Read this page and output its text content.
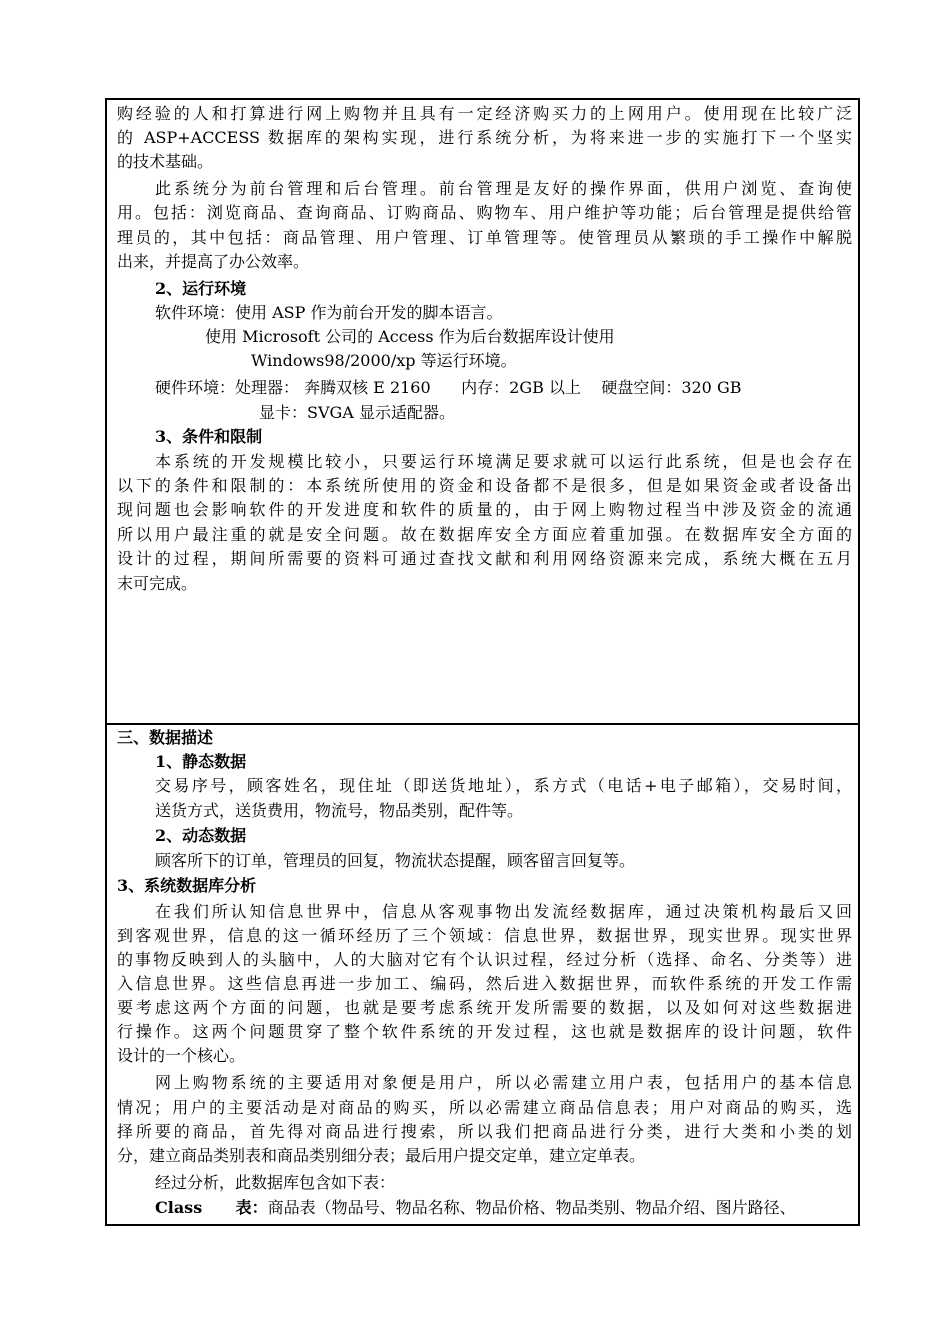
购经验的人和打算进行网上购物并且具有一定经济购买力的上网用户。使用现在比较广泛
的 ASP+ACCESS 数据库的架构实现，进行系统分析，为将来进一步的实施打下一个坚实
的技术基础。
此系统分为前台管理和后台管理。前台管理是友好的操作界面，供用户浏览、查询使
用。包括：浏览商品、查询商品、订购商品、购物车、用户维护等功能；后台管理是提供给管
理员的，其中包括：商品管理、用户管理、订单管理等。使管理员从繁琐的手工操作中解脱
出来，并提高了办公效率。
2、运行环境
软件环境：使用 ASP 作为前台开发的脚本语言。
使用 Microsoft 公司的 Access 作为后台数据库设计使用
Windows98/2000/xp 等运行环境。
硬件环境：处理器： 奔腾双核 E 2160      内存：2GB 以上    硬盘空间：320 GB
显卡：SVGA 显示适配器。
3、条件和限制
本系统的开发规模比较小，只要运行环境满足要求就可以运行此系统，但是也会存在
以下的条件和限制的：本系统所使用的资金和设备都不是很多，但是如果资金或者设备出
现问题也会影响软件的开发进度和软件的质量的，由于网上购物过程当中涉及资金的流通
所以用户最注重的就是安全问题。故在数据库安全方面应着重加强。在数据库安全方面的
设计的过程，期间所需要的资料可通过查找文献和利用网络资源来完成，系统大概在五月
末可完成。
三、数据描述
1、静态数据
交易序号，顾客姓名，现住址（即送货地址），系方式（电话+电子邮箱），交易时间，
送货方式，送货费用，物流号，物品类别，配件等。
2、动态数据
顾客所下的订单，管理员的回复，物流状态提醒，顾客留言回复等。
3、系统数据库分析
在我们所认知信息世界中，信息从客观事物出发流经数据库，通过决策机构最后又回
到客观世界，信息的这一循环经历了三个领域：信息世界，数据世界，现实世界。现实世界
的事物反映到人的头脑中，人的大脑对它有个认识过程，经过分析（选择、命名、分类等）进
入信息世界。这些信息再进一步加工、编码，然后进入数据世界，而软件系统的开发工作需
要考虑这两个方面的问题，也就是要考虑系统开发所需要的数据，以及如何对这些数据进
行操作。这两个问题贯穿了整个软件系统的开发过程，这也就是数据库的设计问题，软件
设计的一个核心。
网上购物系统的主要适用对象便是用户，所以必需建立用户表，包括用户的基本信息
情况；用户的主要活动是对商品的购买，所以必需建立商品信息表；用户对商品的购买，选
择所要的商品，首先得对商品进行搜索，所以我们把商品进行分类，进行大类和小类的划
分，建立商品类别表和商品类别细分表；最后用户提交定单，建立定单表。
经过分析，此数据库包含如下表：
Class      表：商品表（物品号、物品名称、物品价格、物品类别、物品介绍、图片路径、
